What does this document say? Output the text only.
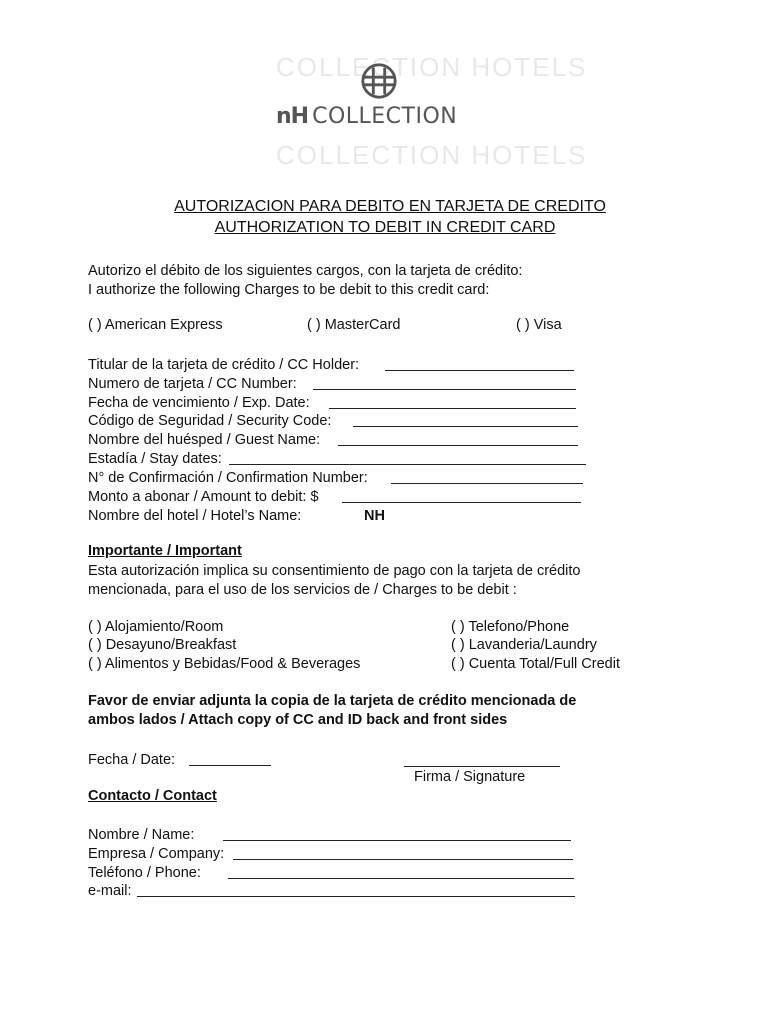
COLLECTION HOTELS
nH COLLECTION
COLLECTION HOTELS
AUTORIZACION PARA DEBITO EN TARJETA DE CREDITO
AUTHORIZATION TO DEBIT IN CREDIT CARD
Autorizo el débito de los siguientes cargos, con la tarjeta de crédito:
I authorize the following Charges to be debit to this credit card:
( ) American Express	( ) MasterCard	( ) Visa
Titular de la tarjeta de crédito / CC Holder:
Numero de tarjeta / CC Number:
Fecha de vencimiento / Exp. Date:
Código de Seguridad / Security Code:
Nombre del huésped / Guest Name:
Estadía / Stay dates:
N° de Confirmación / Confirmation Number:
Monto a abonar / Amount to debit: $
Nombre del hotel / Hotel’s Name:	NH
Importante / Important
Esta autorización implica su consentimiento de pago con la tarjeta de crédito
mencionada, para el uso de los servicios de / Charges to be debit :
( ) Alojamiento/Room
( ) Desayuno/Breakfast
( ) Alimentos y Bebidas/Food & Beverages
( ) Telefono/Phone
( ) Lavanderia/Laundry
( ) Cuenta Total/Full Credit
Favor de enviar adjunta la copia de la tarjeta de crédito mencionada de
ambos lados / Attach copy of CC and ID back and front sides
Fecha / Date:
Firma / Signature
Contacto / Contact
Nombre / Name:
Empresa / Company:
Teléfono / Phone:
e-mail:
